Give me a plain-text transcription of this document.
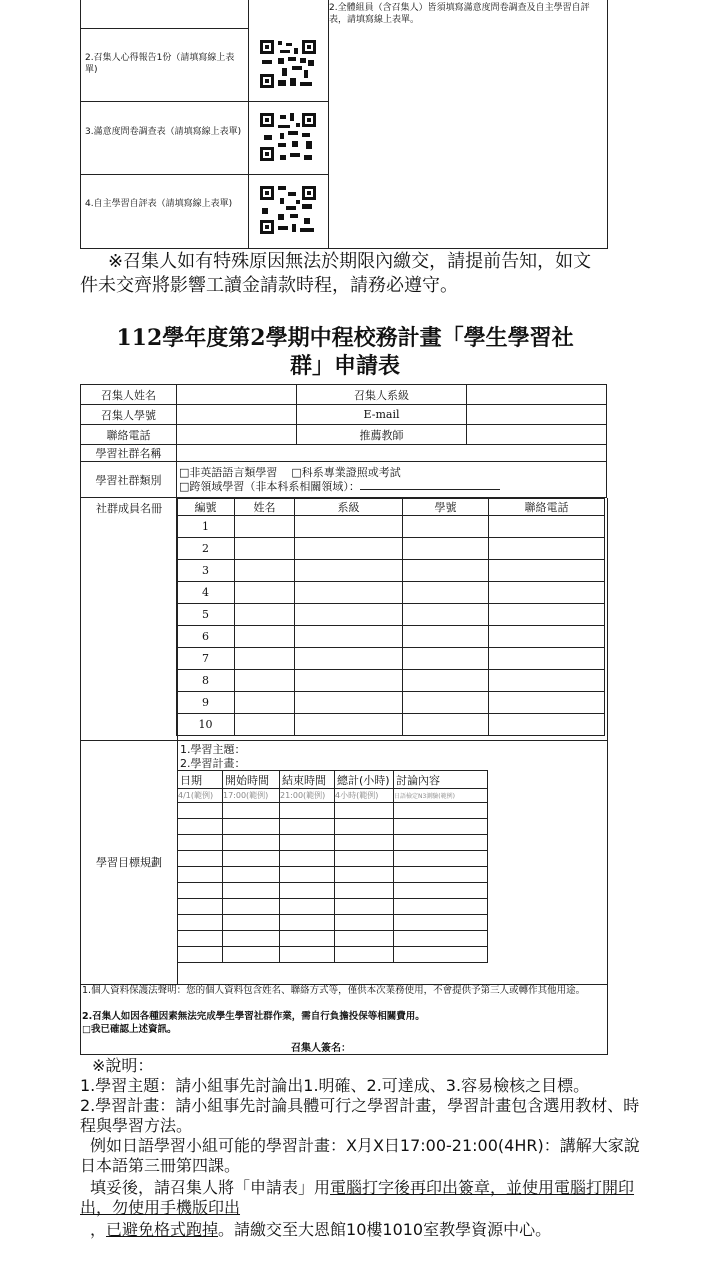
2.全體組員（含召集人）皆須填寫滿意度問卷調查及自主學習自評表，請填寫線上表單。
2.召集人心得報告1份（請填寫線上表單)
3.滿意度問卷調查表（請填寫線上表單)
4.自主學習自評表（請填寫線上表單)
※召集人如有特殊原因無法於期限內繳交，請提前告知，如文件未交齊將影響工讀金請款時程，請務必遵守。
112學年度第2學期中程校務計畫「學生學習社
群」申請表
召集人姓名		召集人系級	
召集人學號		E-mail	
聯絡電話		推薦教師	
學習社群名稱			
學習社群類別	□非英語語言類學習 □科系專業證照或考試
□跨領域學習（非本科系相關領域）：		
社群成員名冊	編號	姓名	系級	學號	聯絡電話
1				
2				
3				
4				
5				
6				
7				
8				
9				
10				
學習目標規劃
1.學習主題：
2.學習計畫：
日期	開始時間	結束時間	總計(小時)	討論內容
4/1(範例)	17:00(範例)	21:00(範例)	4小時(範例)	日語檢定N3測驗(範例)

1.個人資料保護法聲明：您的個人資料包含姓名、聯絡方式等，僅供本次業務使用，不會提供予第三人或轉作其他用途。
2.召集人如因各種因素無法完成學生學習社群作業，需自行負擔投保等相關費用。
□我已確認上述資訊。
召集人簽名：
※說明：
1.學習主題：請小組事先討論出1.明確、2.可達成、3.容易檢核之目標。
2.學習計畫：請小組事先討論具體可行之學習計畫，學習計畫包含選用教材、時程與學習方法。
例如日語學習小組可能的學習計畫：X月X日17:00-21:00(4HR)：講解大家說日本語第三冊第四課。
填妥後，請召集人將「申請表」用電腦打字後再印出簽章，並使用電腦打開印出，勿使用手機版印出
，已避免格式跑掉。請繳交至大恩館10樓1010室教學資源中心。
